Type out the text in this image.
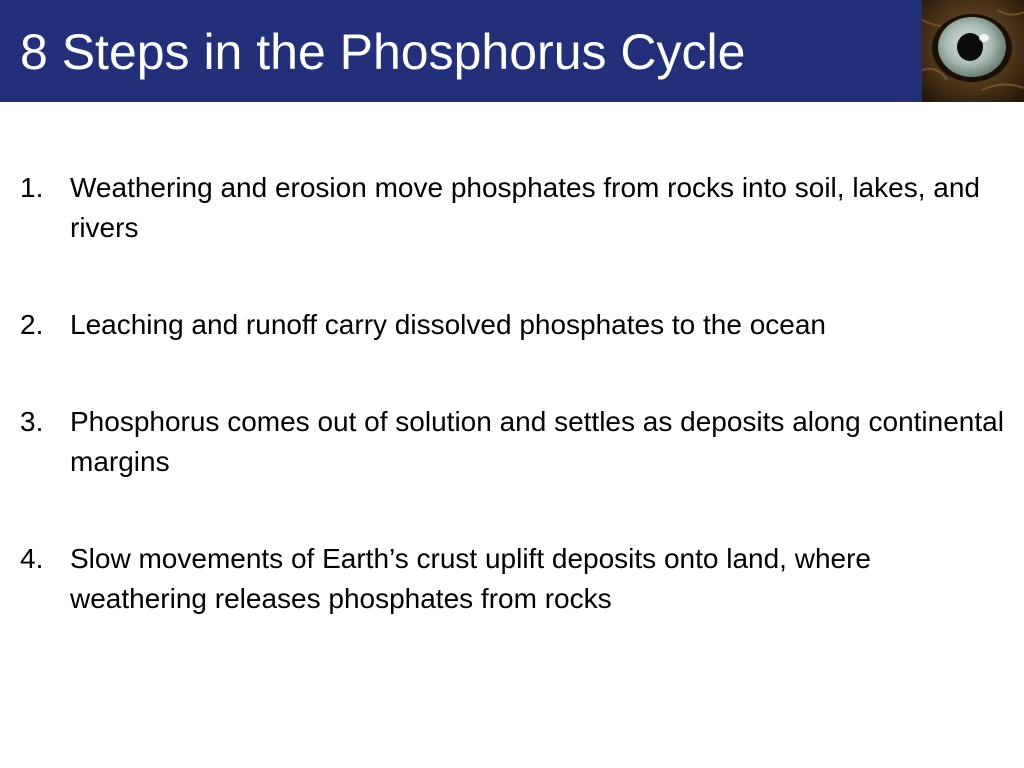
8 Steps in the Phosphorus Cycle
1. Weathering and erosion move phosphates from rocks into soil, lakes, and rivers
2. Leaching and runoff carry dissolved phosphates to the ocean
3. Phosphorus comes out of solution and settles as deposits along continental margins
4. Slow movements of Earth’s crust uplift deposits onto land, where weathering releases phosphates from rocks
